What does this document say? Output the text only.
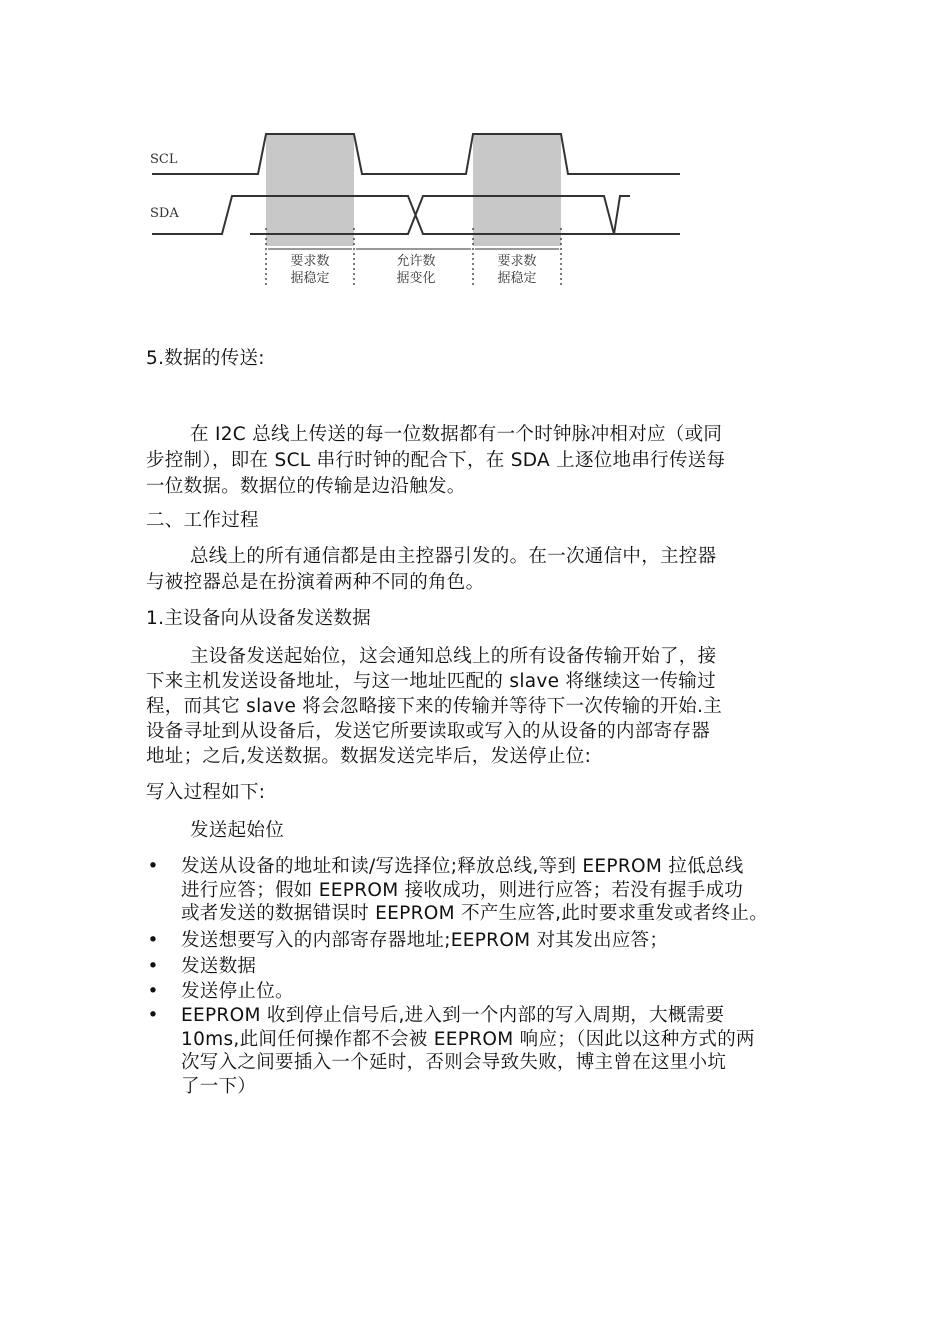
SCL
SDA
要求数
据稳定
允许数
据变化
要求数
据稳定
5.数据的传送:
在 I2C 总线上传送的每一位数据都有一个时钟脉冲相对应（或同
步控制），即在 SCL 串行时钟的配合下，在 SDA 上逐位地串行传送每
一位数据。数据位的传输是边沿触发。
二、工作过程
总线上的所有通信都是由主控器引发的。在一次通信中，主控器
与被控器总是在扮演着两种不同的角色。
1.主设备向从设备发送数据
主设备发送起始位，这会通知总线上的所有设备传输开始了，接
下来主机发送设备地址，与这一地址匹配的 slave 将继续这一传输过
程，而其它 slave 将会忽略接下来的传输并等待下一次传输的开始.主
设备寻址到从设备后，发送它所要读取或写入的从设备的内部寄存器
地址；之后,发送数据。数据发送完毕后，发送停止位:
写入过程如下:
发送起始位
• 发送从设备的地址和读/写选择位;释放总线,等到 EEPROM 拉低总线
进行应答；假如 EEPROM 接收成功，则进行应答；若没有握手成功
或者发送的数据错误时 EEPROM 不产生应答,此时要求重发或者终止。
• 发送想要写入的内部寄存器地址;EEPROM 对其发出应答；
• 发送数据
• 发送停止位。
• EEPROM 收到停止信号后,进入到一个内部的写入周期，大概需要
10ms,此间任何操作都不会被 EEPROM 响应；（因此以这种方式的两
次写入之间要插入一个延时，否则会导致失败，博主曾在这里小坑
了一下）
